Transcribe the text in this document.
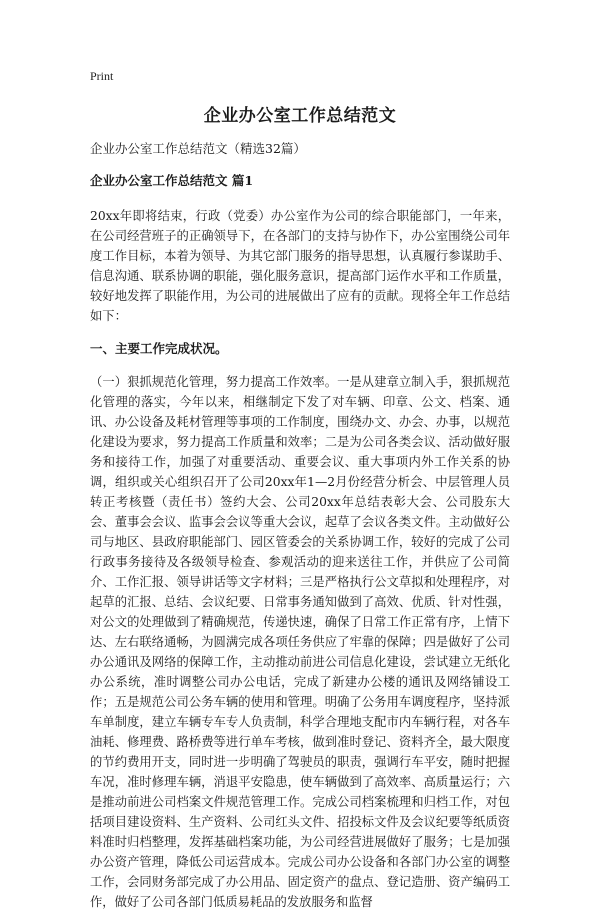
Print

企业办公室工作总结范文

企业办公室工作总结范文（精选32篇）

企业办公室工作总结范文 篇1

20xx年即将结束，行政（党委）办公室作为公司的综合职能部门，一年来，在公司经营班子的正确领导下，在各部门的支持与协作下，办公室围绕公司年度工作目标，本着为领导、为其它部门服务的指导思想，认真履行参谋助手、信息沟通、联系协调的职能，强化服务意识，提高部门运作水平和工作质量，较好地发挥了职能作用，为公司的进展做出了应有的贡献。现将全年工作总结如下：

一、主要工作完成状况。

（一）狠抓规范化管理，努力提高工作效率。一是从建章立制入手，狠抓规范化管理的落实，今年以来，相继制定下发了对车辆、印章、公文、档案、通讯、办公设备及耗材管理等事项的工作制度，围绕办文、办会、办事，以规范化建设为要求，努力提高工作质量和效率；二是为公司各类会议、活动做好服务和接待工作，加强了对重要活动、重要会议、重大事项内外工作关系的协调，组织或关心组织召开了公司20xx年1—2月份经营分析会、中层管理人员转正考核暨（责任书）签约大会、公司20xx年总结表彰大会、公司股东大会、董事会会议、监事会会议等重大会议，起草了会议各类文件。主动做好公司与地区、县政府职能部门、园区管委会的关系协调工作，较好的完成了公司行政事务接待及各级领导检查、参观活动的迎来送往工作，并供应了公司简介、工作汇报、领导讲话等文字材料；三是严格执行公文草拟和处理程序，对起草的汇报、总结、会议纪要、日常事务通知做到了高效、优质、针对性强，对公文的处理做到了精确规范，传递快速，确保了日常工作正常有序，上情下达、左右联络通畅，为圆满完成各项任务供应了牢靠的保障；四是做好了公司办公通讯及网络的保障工作，主动推动前进公司信息化建设，尝试建立无纸化办公系统，准时调整公司办公电话，完成了新建办公楼的通讯及网络铺设工作；五是规范公司公务车辆的使用和管理。明确了公务用车调度程序，坚持派车单制度，建立车辆专车专人负责制，科学合理地支配市内车辆行程，对各车油耗、修理费、路桥费等进行单车考核，做到准时登记、资料齐全，最大限度的节约费用开支，同时进一步明确了驾驶员的职责，强调行车平安，随时把握车况，准时修理车辆，消退平安隐患，使车辆做到了高效率、高质量运行；六是推动前进公司档案文件规范管理工作。完成公司档案梳理和归档工作，对包括项目建设资料、生产资料、公司红头文件、招投标文件及会议纪要等纸质资料准时归档整理，发挥基础档案功能，为公司经营进展做好了服务；七是加强办公资产管理，降低公司运营成本。完成公司办公设备和各部门办公室的调整工作，会同财务部完成了办公用品、固定资产的盘点、登记造册、资产编码工作，做好了公司各部门低质易耗品的发放服务和监督
